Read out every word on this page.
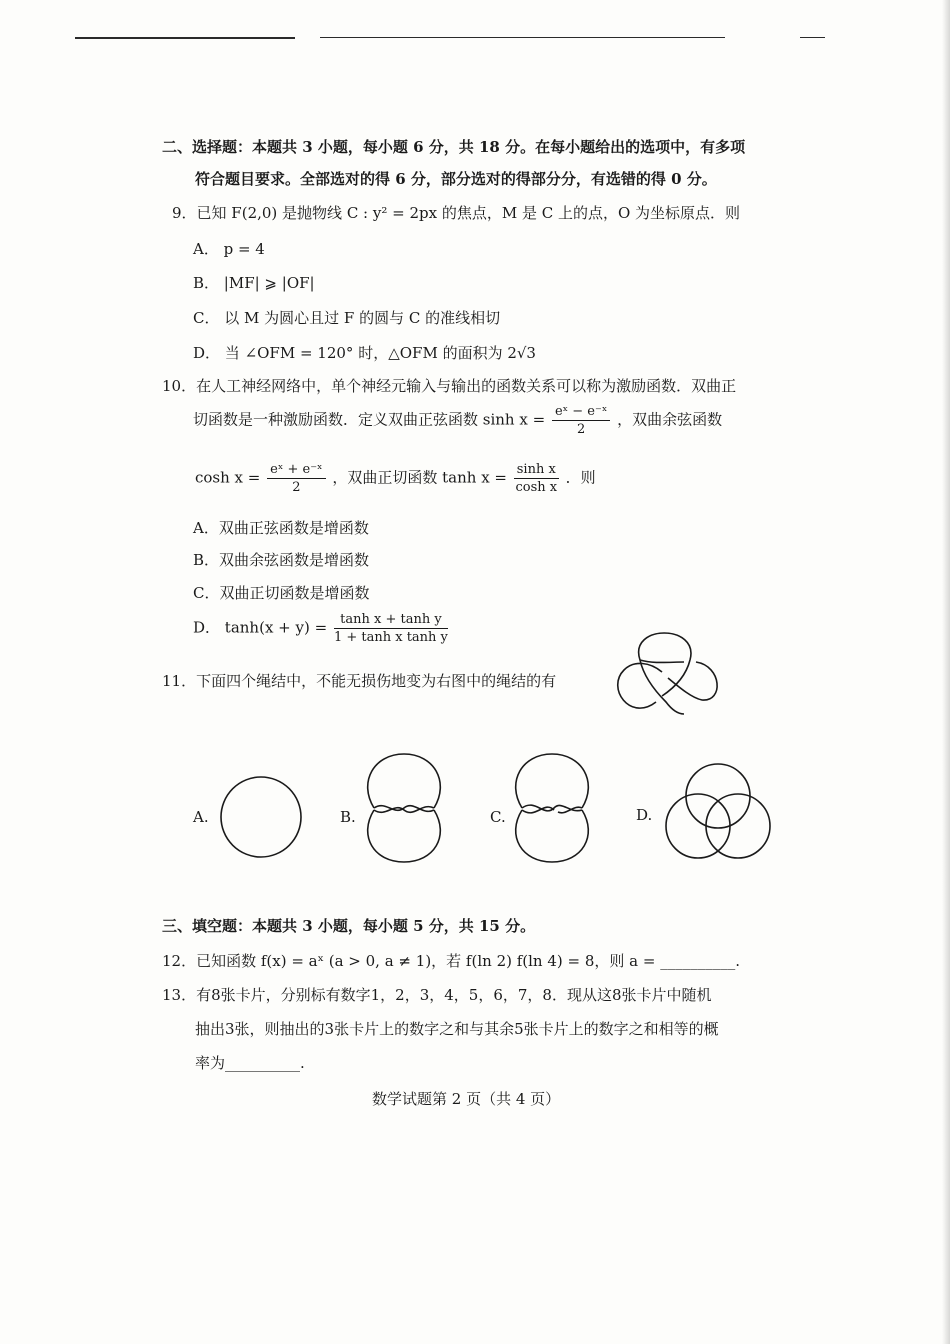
二、选择题：本题共 3 小题，每小题 6 分，共 18 分。在每小题给出的选项中，有多项
符合题目要求。全部选对的得 6 分，部分选对的得部分分，有选错的得 0 分。
9．已知 F(2,0) 是抛物线 C : y² = 2px 的焦点，M 是 C 上的点，O 为坐标原点．则
A． p = 4
B． |MF| ⩾ |OF|
C． 以 M 为圆心且过 F 的圆与 C 的准线相切
D． 当 ∠OFM = 120° 时，△OFM 的面积为 2√3
10．在人工神经网络中，单个神经元输入与输出的函数关系可以称为激励函数．双曲正
切函数是一种激励函数．定义双曲正弦函数 $\sinh x = \frac{\text{eˣ − e⁻ˣ}}{2}$ ，双曲余弦函数
$\cosh x = \frac{\text{eˣ + e⁻ˣ}}{2}$ ，双曲正切函数 $\tanh x = \frac{\text{sinh x}}{\text{cosh x}}$ ．则
A．双曲正弦函数是增函数
B．双曲余弦函数是增函数
C．双曲正切函数是增函数
D． $\tanh(x + y) = \frac{\text{tanh x + tanh y}}{\text{1 + tanh x tanh y}}$
11．下面四个绳结中，不能无损伤地变为右图中的绳结的有
A.	B.	C.	D.
三、填空题：本题共 3 小题，每小题 5 分，共 15 分。
12．已知函数 f(x) = aˣ (a > 0, a ≠ 1)，若 f(ln 2) f(ln 4) = 8，则 a = __________.
13．有8张卡片，分别标有数字1，2，3，4，5，6，7，8．现从这8张卡片中随机
抽出3张，则抽出的3张卡片上的数字之和与其余5张卡片上的数字之和相等的概
率为__________.
数学试题第 2 页（共 4 页）
